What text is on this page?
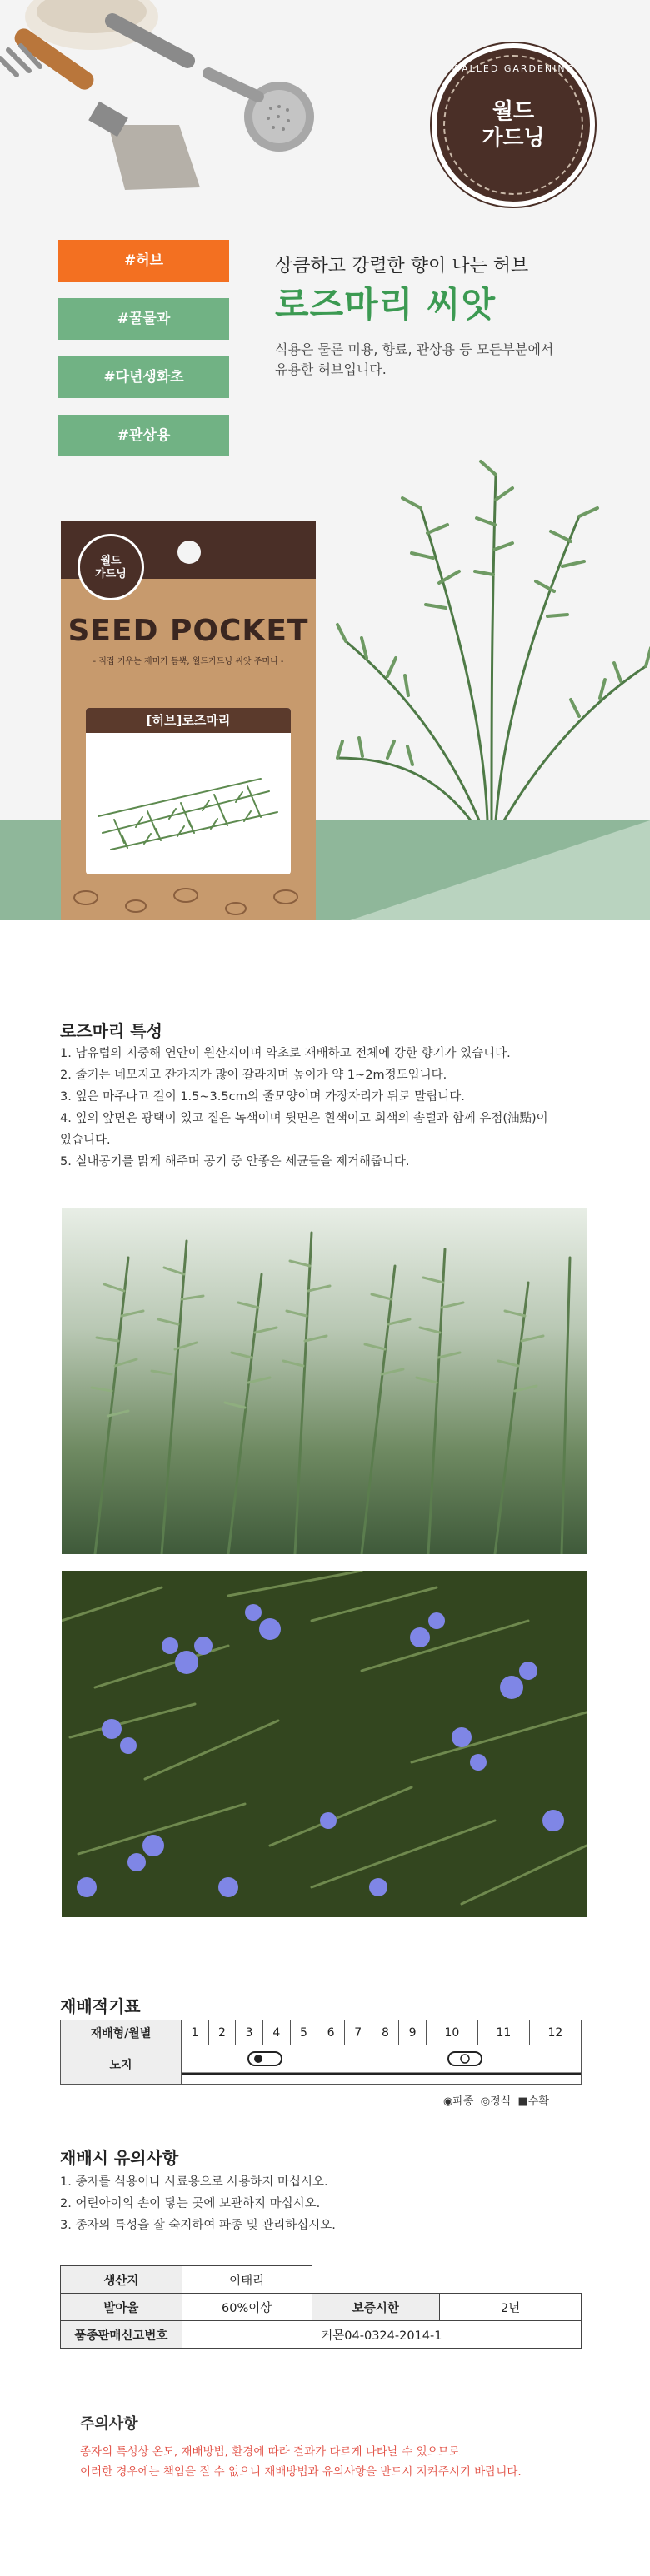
WALLED GARDENING
월드
가드닝
#허브
#꿀물과
#다년생화초
#관상용
상큼하고 강렬한 향이 나는 허브
로즈마리 씨앗
식용은 물론 미용, 향료, 관상용 등 모든부분에서
유용한 허브입니다.
월드
가드닝
SEED POCKET
- 직접 키우는 재미가 듬뿍, 월드가드닝 씨앗 주머니 -
[허브]로즈마리
로즈마리 특성
1. 남유럽의 지중해 연안이 원산지이며 약초로 재배하고 전체에 강한 향기가 있습니다.
2. 줄기는 네모지고 잔가지가 많이 갈라지며 높이가 약 1~2m정도입니다.
3. 잎은 마주나고 길이 1.5~3.5cm의 줄모양이며 가장자리가 뒤로 말립니다.
4. 잎의 앞면은 광택이 있고 짙은 녹색이며 뒷면은 흰색이고 회색의 솜털과 함께 유점(油點)이
있습니다.
5. 실내공기를 맑게 해주며 공기 중 안좋은 세균들을 제거해줍니다.
재배적기표
재배형/월별	1	2	3	4	5	6	7	8	9	10	11	12
노지	
◉파종 ◎정식 ■수확
재배시 유의사항
1. 종자를 식용이나 사료용으로 사용하지 마십시오.
2. 어린아이의 손이 닿는 곳에 보관하지 마십시오.
3. 종자의 특성을 잘 숙지하여 파종 및 관리하십시오.
생산지	이태리	
발아율	60%이상	보증시한	2년
품종판매신고번호	커몬04-0324-2014-1		
주의사항
종자의 특성상 온도, 재배방법, 환경에 따라 결과가 다르게 나타날 수 있으므로
이러한 경우에는 책임을 질 수 없으니 재배방법과 유의사항을 반드시 지켜주시기 바랍니다.
